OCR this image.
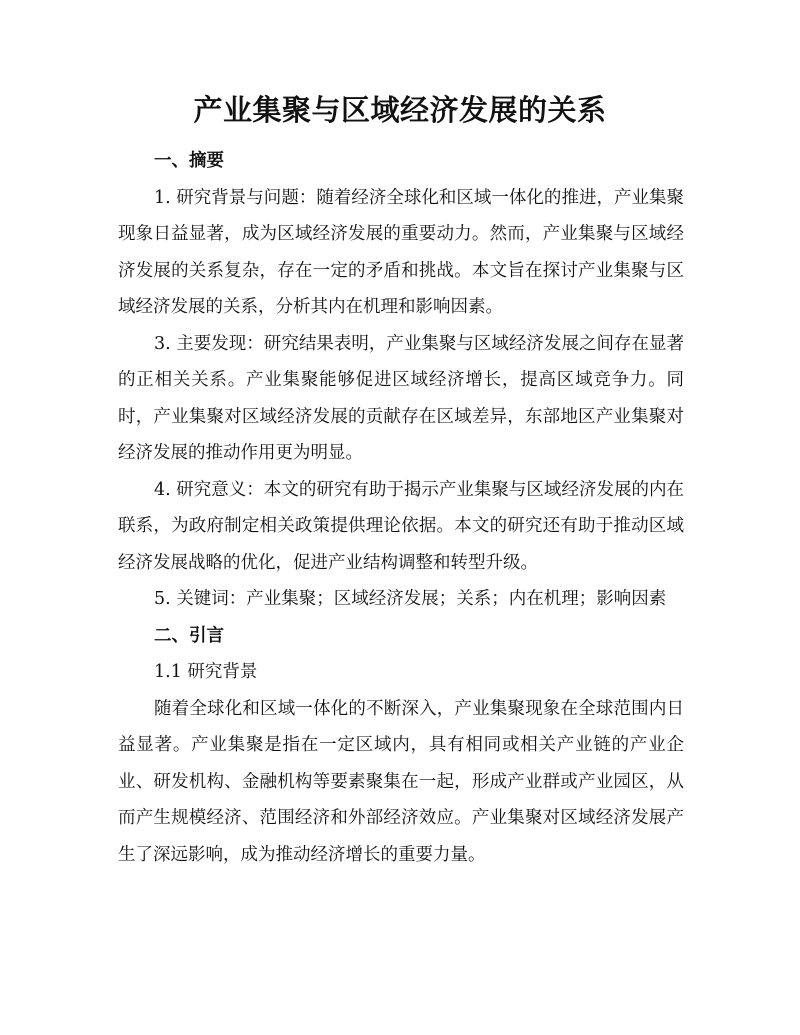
产业集聚与区域经济发展的关系
一、摘要

1. 研究背景与问题：随着经济全球化和区域一体化的推进，产业集聚现象日益显著，成为区域经济发展的重要动力。然而，产业集聚与区域经济发展的关系复杂，存在一定的矛盾和挑战。本文旨在探讨产业集聚与区域经济发展的关系，分析其内在机理和影响因素。

3. 主要发现：研究结果表明，产业集聚与区域经济发展之间存在显著的正相关关系。产业集聚能够促进区域经济增长，提高区域竞争力。同时，产业集聚对区域经济发展的贡献存在区域差异，东部地区产业集聚对经济发展的推动作用更为明显。

4. 研究意义：本文的研究有助于揭示产业集聚与区域经济发展的内在联系，为政府制定相关政策提供理论依据。本文的研究还有助于推动区域经济发展战略的优化，促进产业结构调整和转型升级。

5. 关键词：产业集聚；区域经济发展；关系；内在机理；影响因素

二、引言

1.1 研究背景

随着全球化和区域一体化的不断深入，产业集聚现象在全球范围内日益显著。产业集聚是指在一定区域内，具有相同或相关产业链的产业企业、研发机构、金融机构等要素聚集在一起，形成产业群或产业园区，从而产生规模经济、范围经济和外部经济效应。产业集聚对区域经济发展产生了深远影响，成为推动经济增长的重要力量。
